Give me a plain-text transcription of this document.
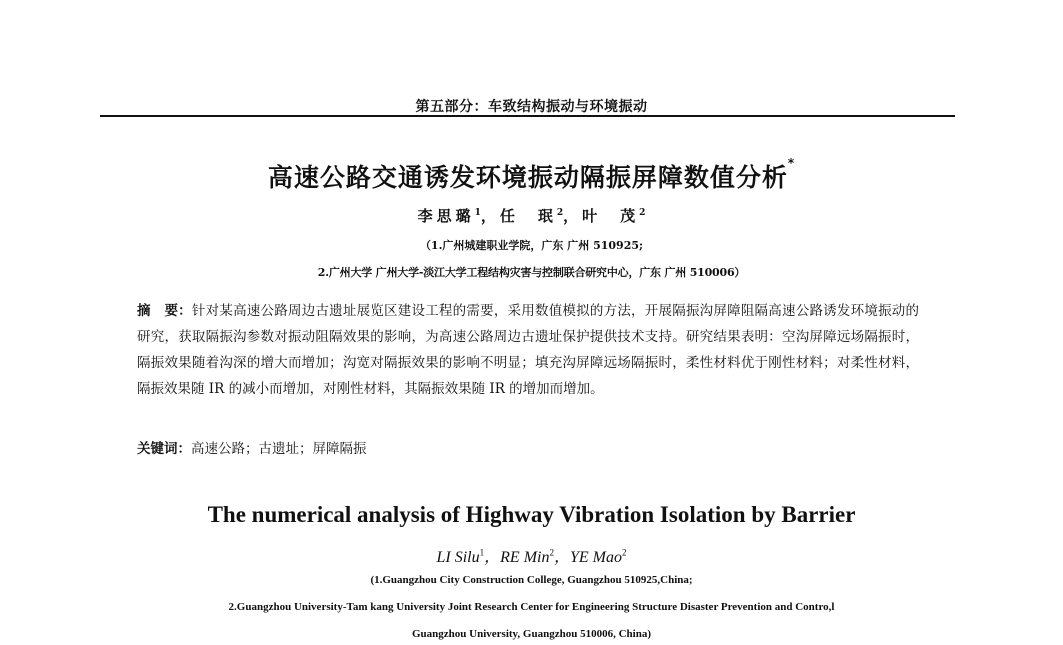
第五部分：车致结构振动与环境振动
高速公路交通诱发环境振动隔振屏障数值分析*
李思璐$^1$，任　珉$^2$，叶　茂$^2$
（1.广州城建职业学院，广东 广州 510925;
2.广州大学 广州大学-淡江大学工程结构灾害与控制联合研究中心，广东 广州 510006）
摘　要：针对某高速公路周边古遗址展览区建设工程的需要，采用数值模拟的方法，开展隔振沟屏障阻隔高速公路诱发环境振动的研究，获取隔振沟参数对振动阻隔效果的影响，为高速公路周边古遗址保护提供技术支持。研究结果表明：空沟屏障远场隔振时，隔振效果随着沟深的增大而增加；沟宽对隔振效果的影响不明显；填充沟屏障远场隔振时，柔性材料优于刚性材料；对柔性材料，隔振效果随 IR 的减小而增加，对刚性材料，其隔振效果随 IR 的增加而增加。
关键词：高速公路；古遗址；屏障隔振
The numerical analysis of Highway Vibration Isolation by Barrier
LI Silu$^1$，RE Min$^2$，YE Mao$^2$
(1.Guangzhou City Construction College, Guangzhou 510925,China;
2.Guangzhou University-Tam kang University Joint Research Center for Engineering Structure Disaster Prevention and Contro,l
Guangzhou University, Guangzhou 510006, China)
